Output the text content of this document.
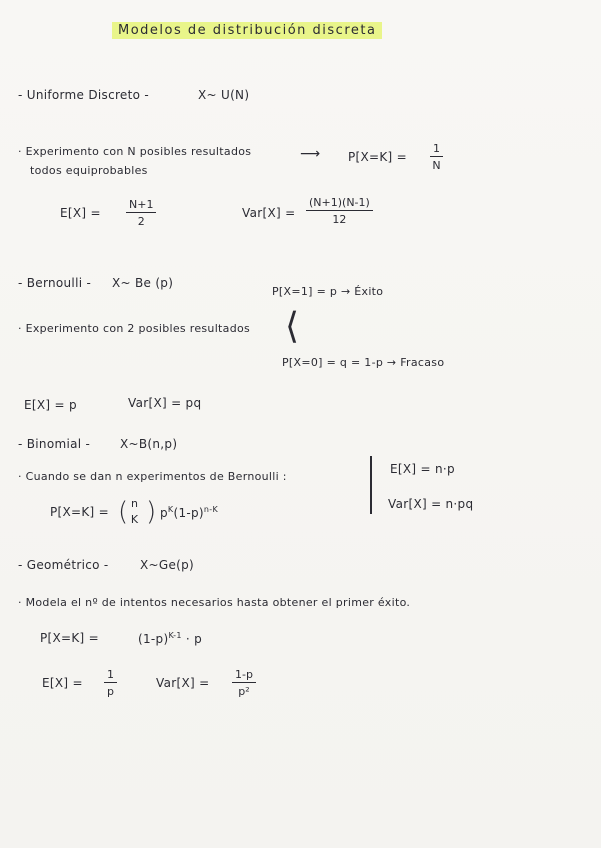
Modelos de distribución discreta
- Uniforme Discreto -	X~ U(N)
· Experimento con N posibles resultados
todos equiprobables
⟶ P[X=K] =
1
N
E[X] =
N+1
2
Var[X] =
(N+1)(N-1)
12
- Bernoulli - X~ Be (p)
P[X=1] = p → Éxito
· Experimento con 2 posibles resultados ⟨
P[X=0] = q = 1-p → Fracaso
E[X] = p	Var[X] = pq
- Binomial - X~B(n,p)
· Cuando se dan n experimentos de Bernoulli :
P[X=K] = ( n
K ) $p^K(1-p)^{n-K}$
E[X] = n·p
Var[X] = n·pq
- Geométrico -	X~Ge(p)
· Modela el nº de intentos necesarios hasta obtener el primer éxito.
P[X=K] =	$(1-p)^{K-1} \cdot p$
E[X] =
1
p
Var[X] =
1-p
p²
